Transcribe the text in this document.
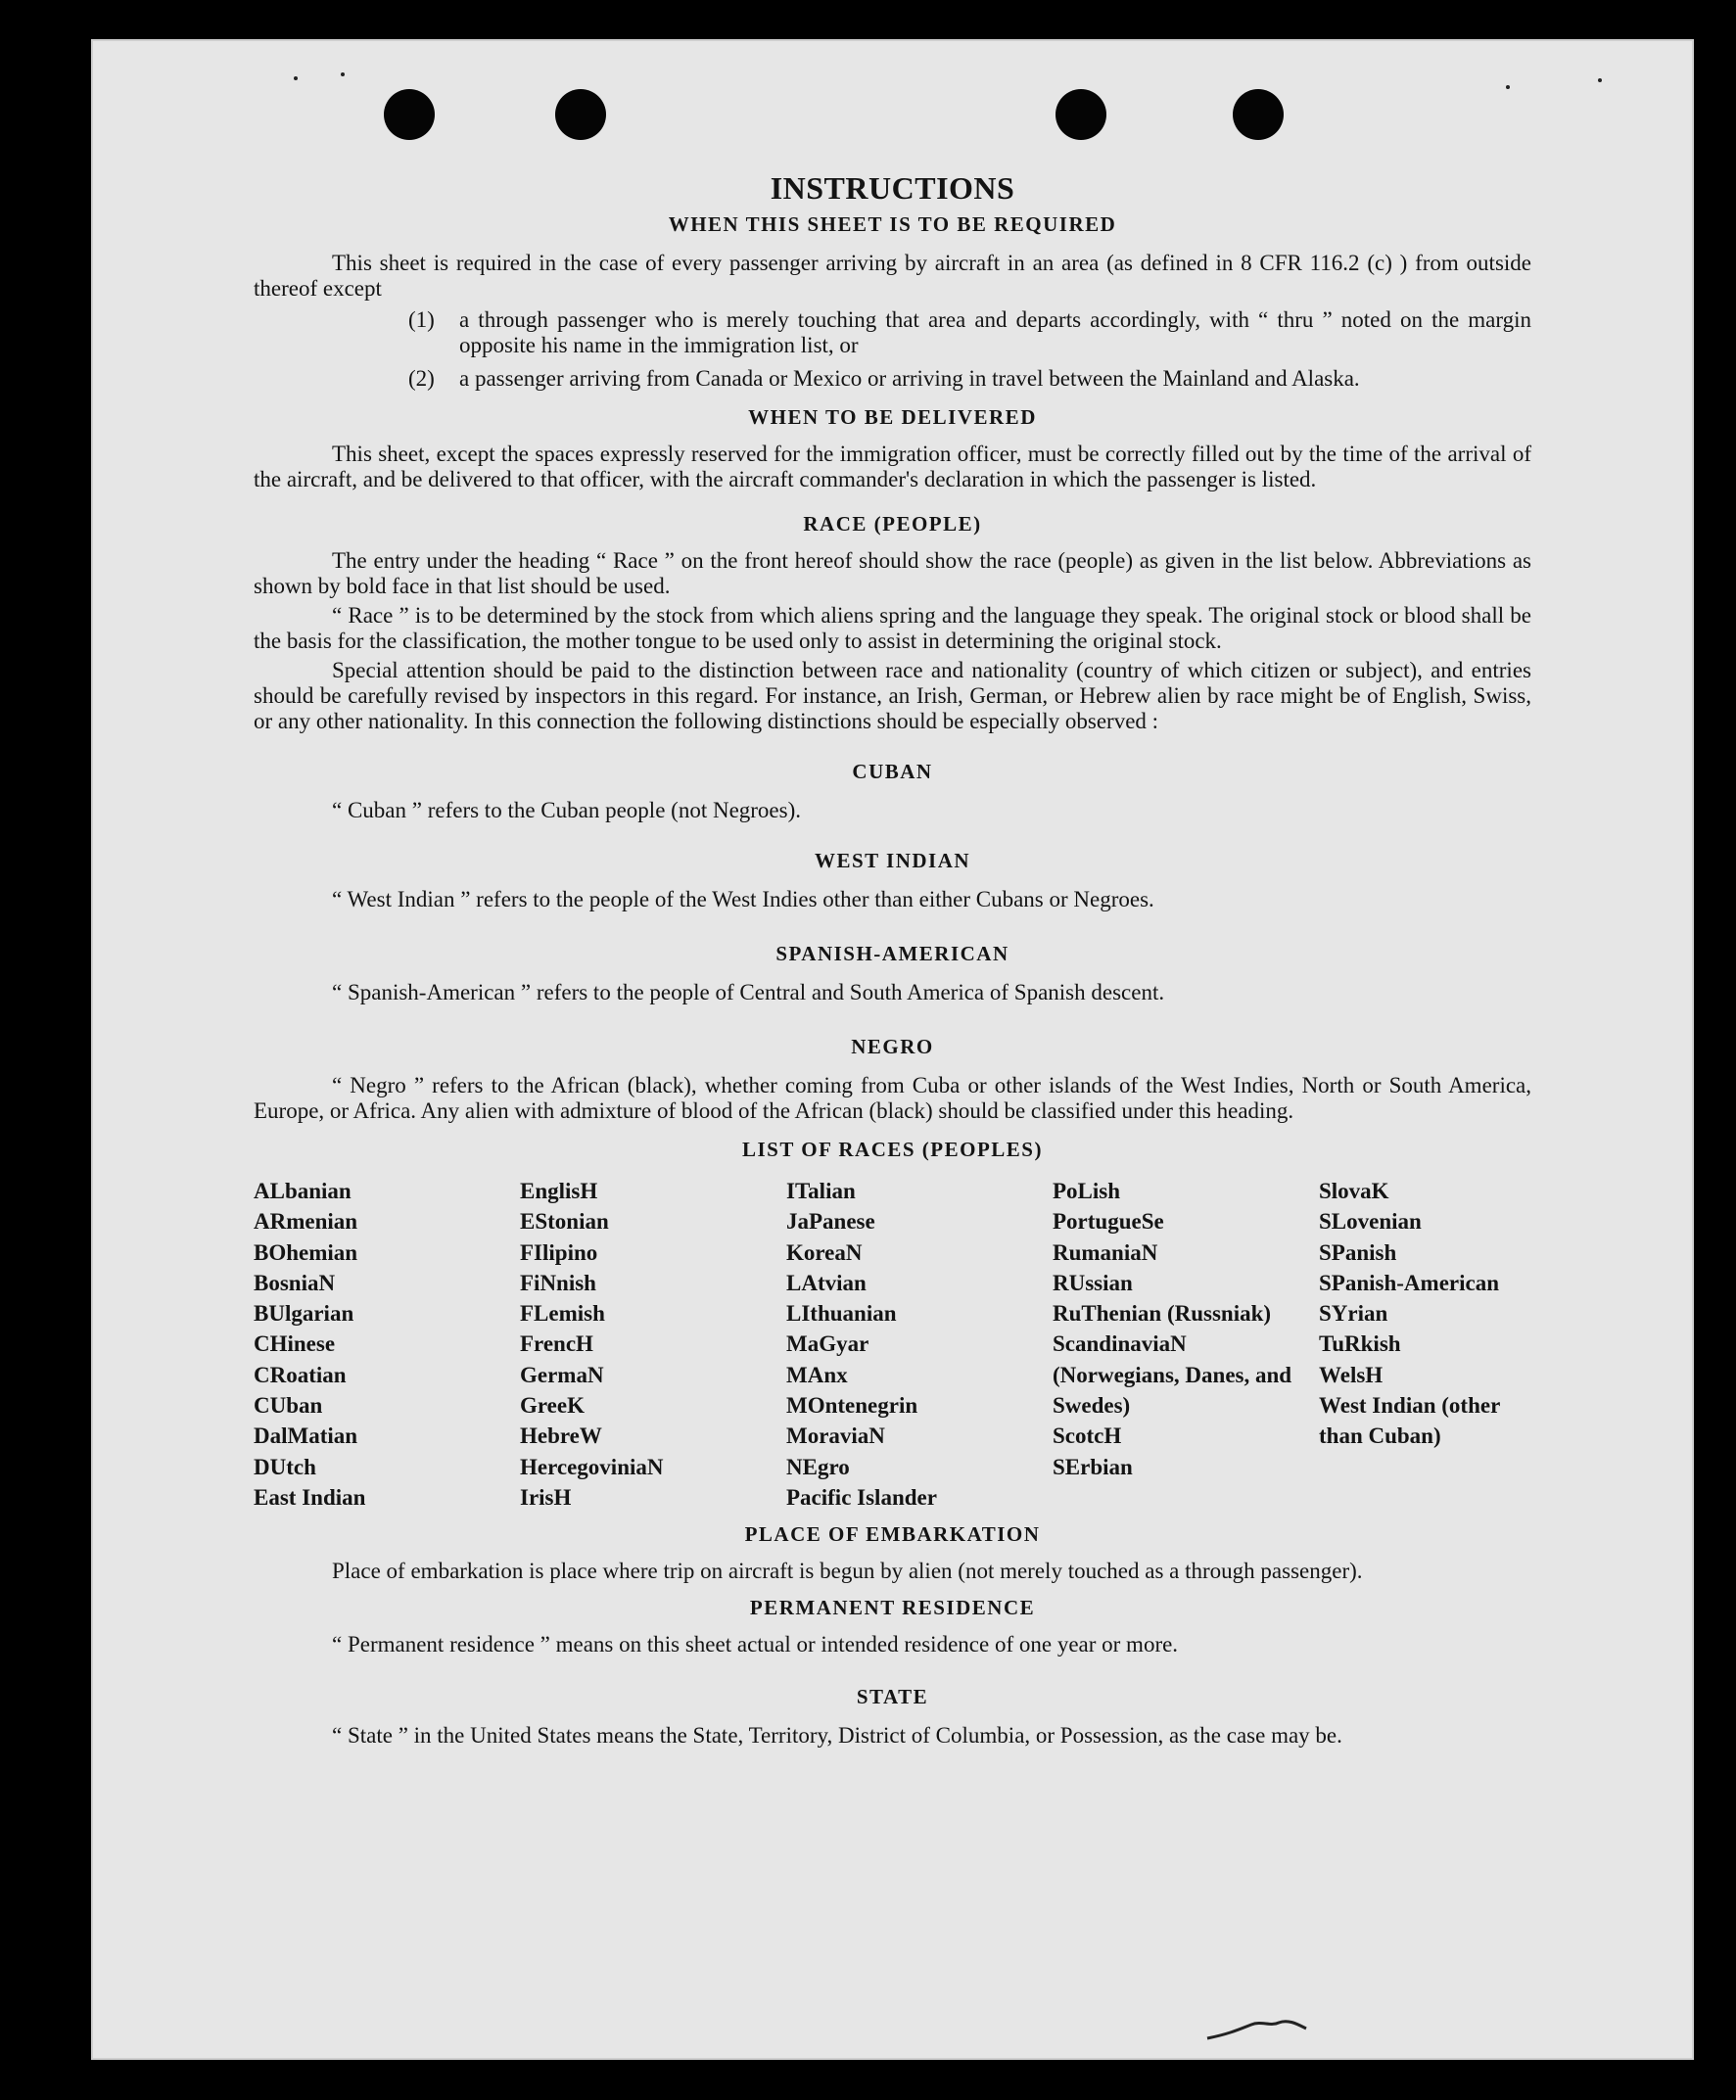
INSTRUCTIONS
WHEN THIS SHEET IS TO BE REQUIRED
This sheet is required in the case of every passenger arriving by aircraft in an area (as defined in 8 CFR 116.2 (c) ) from outside thereof except
(1)	a through passenger who is merely touching that area and departs accordingly, with “ thru ” noted on the margin opposite his name in the immigration list, or
(2)	a passenger arriving from Canada or Mexico or arriving in travel between the Mainland and Alaska.
WHEN TO BE DELIVERED
This sheet, except the spaces expressly reserved for the immigration officer, must be correctly filled out by the time of the arrival of the aircraft, and be delivered to that officer, with the aircraft commander's declaration in which the passenger is listed.
RACE (PEOPLE)
The entry under the heading “ Race ” on the front hereof should show the race (people) as given in the list below. Abbreviations as shown by bold face in that list should be used.
“ Race ” is to be determined by the stock from which aliens spring and the language they speak. The original stock or blood shall be the basis for the classification, the mother tongue to be used only to assist in determining the original stock.
Special attention should be paid to the distinction between race and nationality (country of which citizen or subject), and entries should be carefully revised by inspectors in this regard. For instance, an Irish, German, or Hebrew alien by race might be of English, Swiss, or any other nationality. In this connection the following distinctions should be especially observed :
CUBAN
“ Cuban ” refers to the Cuban people (not Negroes).
WEST INDIAN
“ West Indian ” refers to the people of the West Indies other than either Cubans or Negroes.
SPANISH-AMERICAN
“ Spanish-American ” refers to the people of Central and South America of Spanish descent.
NEGRO
“ Negro ” refers to the African (black), whether coming from Cuba or other islands of the West Indies, North or South America, Europe, or Africa. Any alien with admixture of blood of the African (black) should be classified under this heading.
LIST OF RACES (PEOPLES)
ALbanian
ARmenian
BOhemian
BosniaN
BUlgarian
CHinese
CRoatian
CUban
DalMatian
DUtch
East Indian
EnglisH
EStonian
FIlipino
FiNnish
FLemish
FrencH
GermaN
GreeK
HebreW
HercegoviniaN
IrisH
ITalian
JaPanese
KoreaN
LAtvian
LIthuanian
MaGyar
MAnx
MOntenegrin
MoraviaN
NEgro
Pacific Islander
PoLish
PortugueSe
RumaniaN
RUssian
RuThenian (Russniak)
ScandinaviaN (Norwegians, Danes, and Swedes)
ScotcH
SErbian
SlovaK
SLovenian
SPanish
SPanish-American
SYrian
TuRkish
WelsH
West Indian (other than Cuban)
PLACE OF EMBARKATION
Place of embarkation is place where trip on aircraft is begun by alien (not merely touched as a through passenger).
PERMANENT RESIDENCE
“ Permanent residence ” means on this sheet actual or intended residence of one year or more.
STATE
“ State ” in the United States means the State, Territory, District of Columbia, or Possession, as the case may be.
